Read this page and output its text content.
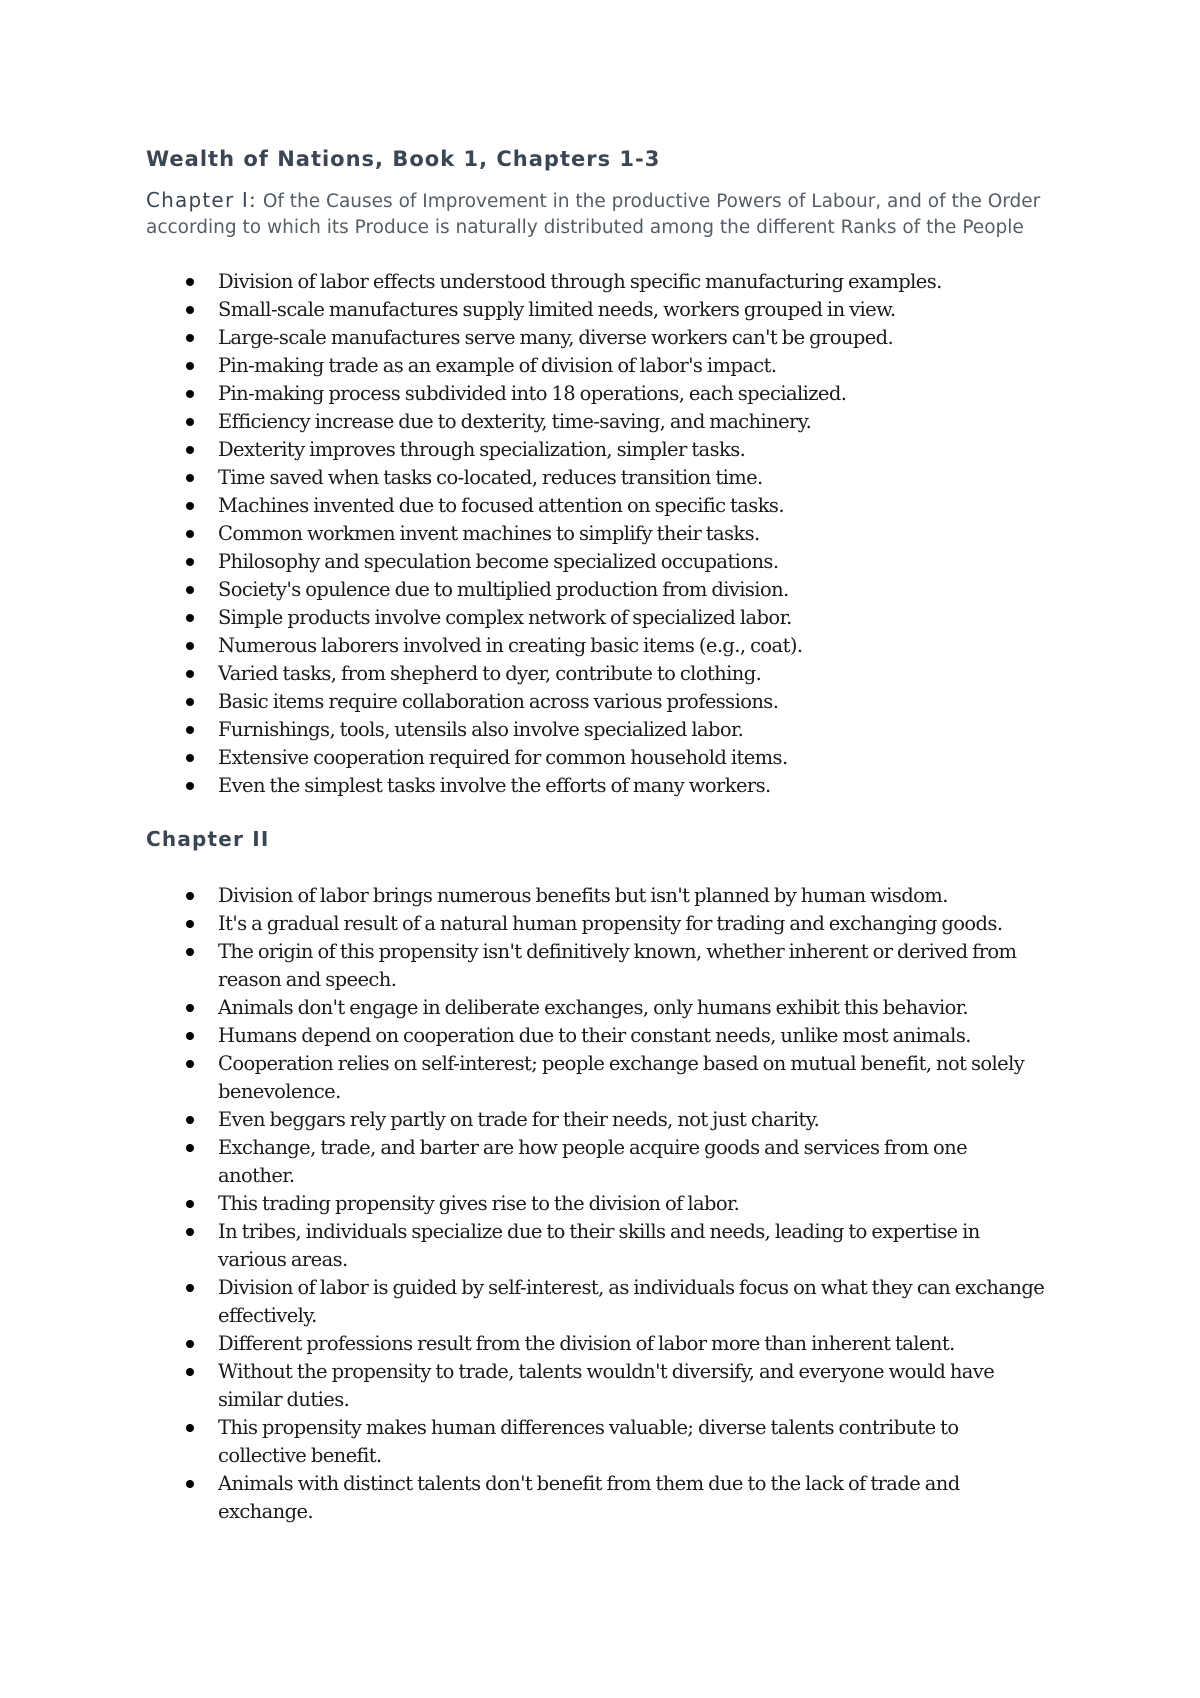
Wealth of Nations, Book 1, Chapters 1-3

Chapter I: Of the Causes of Improvement in the productive Powers of Labour, and of the Order according to which its Produce is naturally distributed among the different Ranks of the People

Division of labor effects understood through specific manufacturing examples.
Small-scale manufactures supply limited needs, workers grouped in view.
Large-scale manufactures serve many, diverse workers can't be grouped.
Pin-making trade as an example of division of labor's impact.
Pin-making process subdivided into 18 operations, each specialized.
Efficiency increase due to dexterity, time-saving, and machinery.
Dexterity improves through specialization, simpler tasks.
Time saved when tasks co-located, reduces transition time.
Machines invented due to focused attention on specific tasks.
Common workmen invent machines to simplify their tasks.
Philosophy and speculation become specialized occupations.
Society's opulence due to multiplied production from division.
Simple products involve complex network of specialized labor.
Numerous laborers involved in creating basic items (e.g., coat).
Varied tasks, from shepherd to dyer, contribute to clothing.
Basic items require collaboration across various professions.
Furnishings, tools, utensils also involve specialized labor.
Extensive cooperation required for common household items.
Even the simplest tasks involve the efforts of many workers.
Chapter II
Division of labor brings numerous benefits but isn't planned by human wisdom.
It's a gradual result of a natural human propensity for trading and exchanging goods.
The origin of this propensity isn't definitively known, whether inherent or derived from reason and speech.
Animals don't engage in deliberate exchanges, only humans exhibit this behavior.
Humans depend on cooperation due to their constant needs, unlike most animals.
Cooperation relies on self-interest; people exchange based on mutual benefit, not solely benevolence.
Even beggars rely partly on trade for their needs, not just charity.
Exchange, trade, and barter are how people acquire goods and services from one another.
This trading propensity gives rise to the division of labor.
In tribes, individuals specialize due to their skills and needs, leading to expertise in various areas.
Division of labor is guided by self-interest, as individuals focus on what they can exchange effectively.
Different professions result from the division of labor more than inherent talent.
Without the propensity to trade, talents wouldn't diversify, and everyone would have similar duties.
This propensity makes human differences valuable; diverse talents contribute to collective benefit.
Animals with distinct talents don't benefit from them due to the lack of trade and exchange.
